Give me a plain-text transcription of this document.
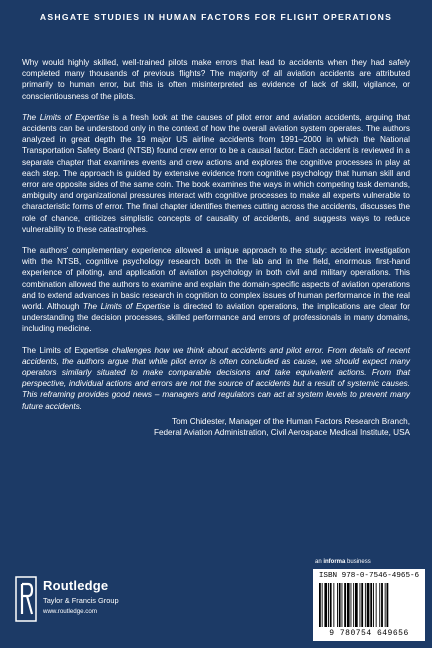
ASHGATE STUDIES IN HUMAN FACTORS FOR FLIGHT OPERATIONS

Why would highly skilled, well-trained pilots make errors that lead to accidents when they had safely completed many thousands of previous flights? The majority of all aviation accidents are attributed primarily to human error, but this is often misinterpreted as evidence of lack of skill, vigilance, or conscientiousness of the pilots.

The Limits of Expertise is a fresh look at the causes of pilot error and aviation accidents, arguing that accidents can be understood only in the context of how the overall aviation system operates. The authors analyzed in great depth the 19 major US airline accidents from 1991–2000 in which the National Transportation Safety Board (NTSB) found crew error to be a causal factor. Each accident is reviewed in a separate chapter that examines events and crew actions and explores the cognitive processes in play at each step. The approach is guided by extensive evidence from cognitive psychology that human skill and error are opposite sides of the same coin. The book examines the ways in which competing task demands, ambiguity and organizational pressures interact with cognitive processes to make all experts vulnerable to characteristic forms of error. The final chapter identifies themes cutting across the accidents, discusses the role of chance, criticizes simplistic concepts of causality of accidents, and suggests ways to reduce vulnerability to these catastrophes.

The authors' complementary experience allowed a unique approach to the study: accident investigation with the NTSB, cognitive psychology research both in the lab and in the field, enormous first-hand experience of piloting, and application of aviation psychology in both civil and military operations. This combination allowed the authors to examine and explain the domain-specific aspects of aviation operations and to extend advances in basic research in cognition to complex issues of human performance in the real world. Although The Limits of Expertise is directed to aviation operations, the implications are clear for understanding the decision processes, skilled performance and errors of professionals in many domains, including medicine.

The Limits of Expertise challenges how we think about accidents and pilot error. From details of recent accidents, the authors argue that while pilot error is often concluded as cause, we should expect many operators similarly situated to make comparable decisions and take equivalent actions. From that perspective, individual actions and errors are not the source of accidents but a result of systemic causes. This reframing provides good news – managers and regulators can act at system levels to prevent many future accidents.

Tom Chidester, Manager of the Human Factors Research Branch,
Federal Aviation Administration, Civil Aerospace Medical Institute, USA
Routledge
Taylor & Francis Group
www.routledge.com
an informa business
ISBN 978-0-7546-4965-6
9 780754 649656
